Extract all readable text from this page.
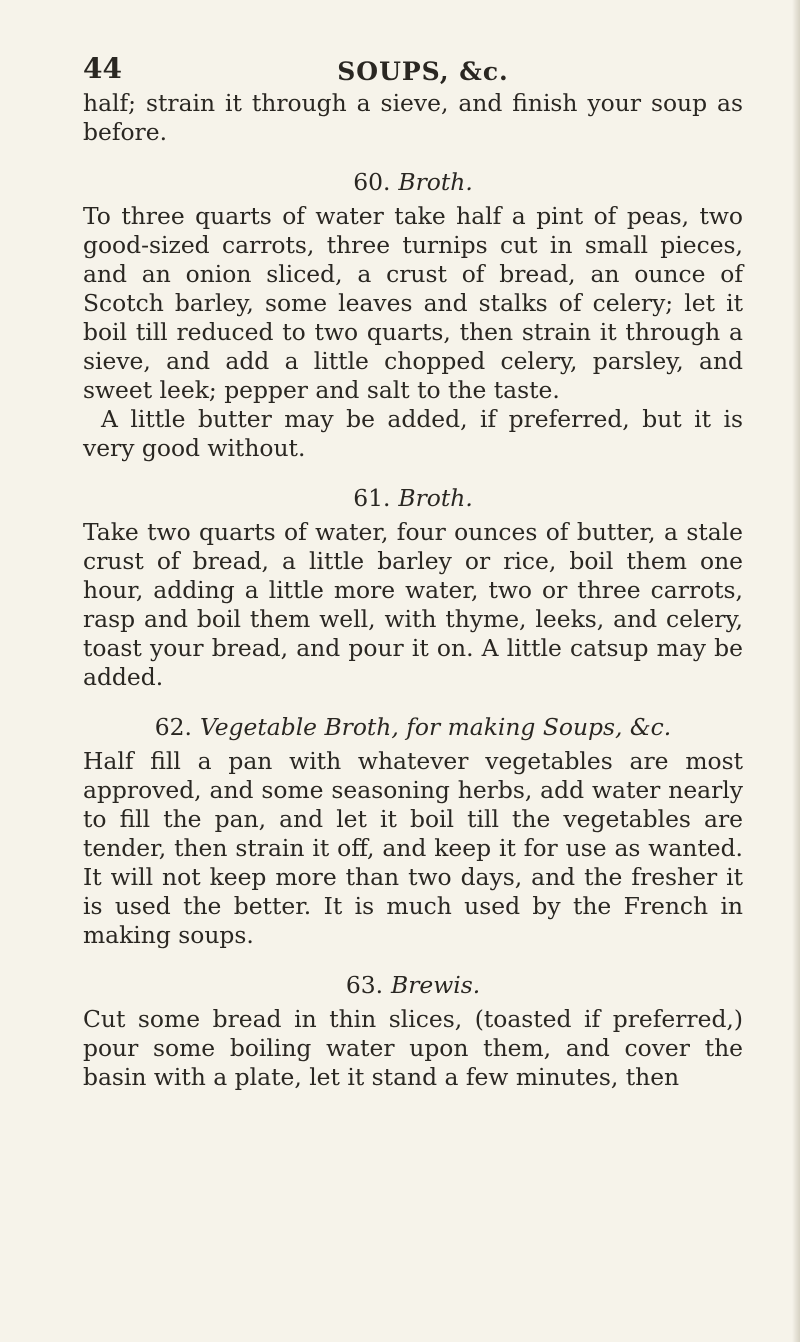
44	SOUPS, &c.

half; strain it through a sieve, and finish your soup as before.

60. Broth.

To three quarts of water take half a pint of peas, two good-sized carrots, three turnips cut in small pieces, and an onion sliced, a crust of bread, an ounce of Scotch barley, some leaves and stalks of celery; let it boil till reduced to two quarts, then strain it through a sieve, and add a little chopped celery, parsley, and sweet leek; pepper and salt to the taste.

A little butter may be added, if preferred, but it is very good without.

61. Broth.

Take two quarts of water, four ounces of butter, a stale crust of bread, a little barley or rice, boil them one hour, adding a little more water, two or three carrots, rasp and boil them well, with thyme, leeks, and celery, toast your bread, and pour it on. A little catsup may be added.

62. Vegetable Broth, for making Soups, &c.

Half fill a pan with whatever vegetables are most approved, and some seasoning herbs, add water nearly to fill the pan, and let it boil till the vegetables are tender, then strain it off, and keep it for use as wanted. It will not keep more than two days, and the fresher it is used the better. It is much used by the French in making soups.

63. Brewis.

Cut some bread in thin slices, (toasted if preferred,) pour some boiling water upon them, and cover the basin with a plate, let it stand a few minutes, then
